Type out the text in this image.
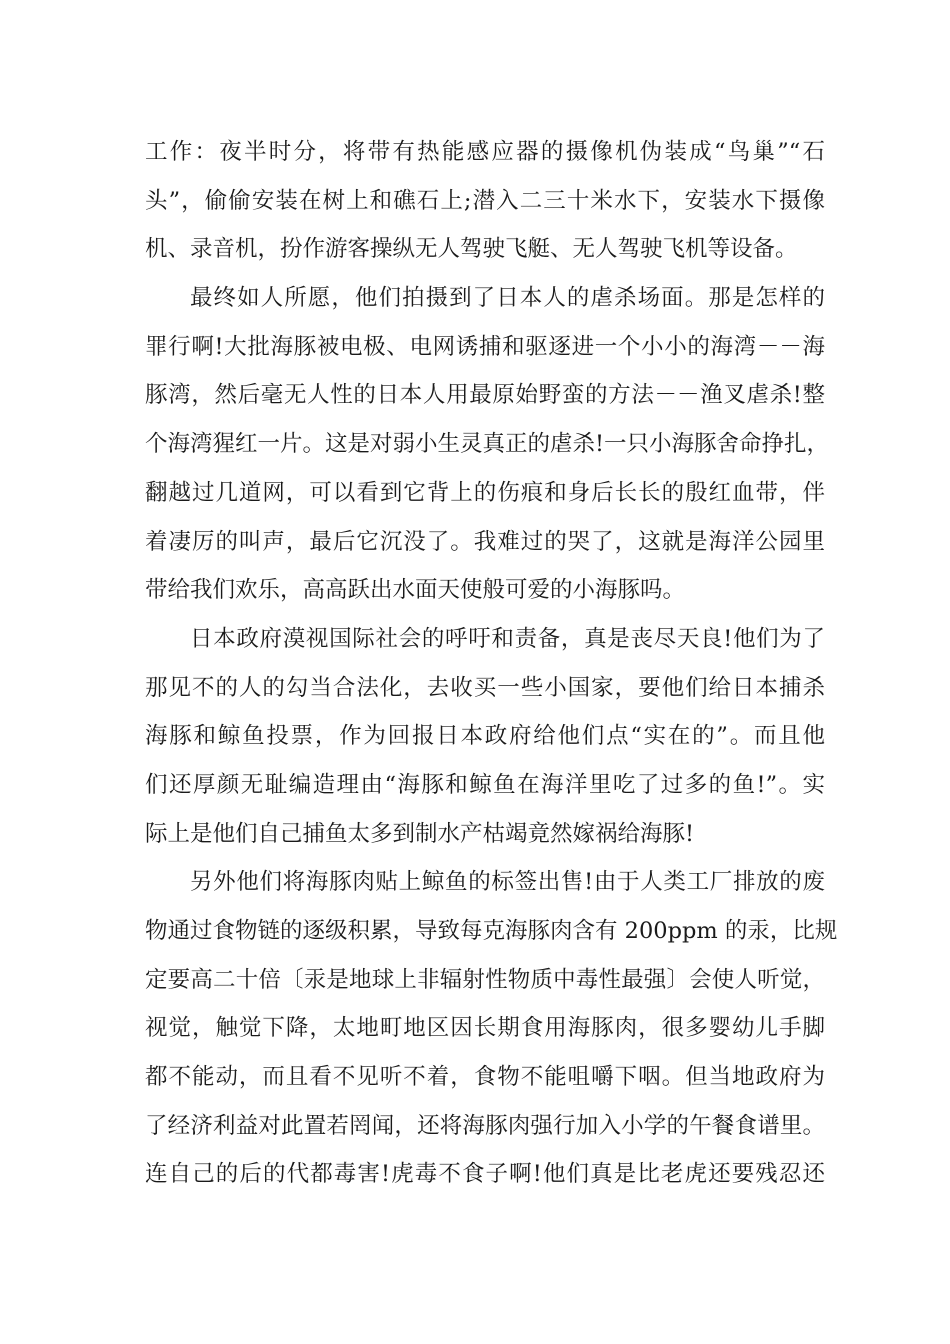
工作：夜半时分，将带有热能感应器的摄像机伪装成“鸟巢”“石
头”，偷偷安装在树上和礁石上;潜入二三十米水下，安装水下摄像
机、录音机，扮作游客操纵无人驾驶飞艇、无人驾驶飞机等设备。
最终如人所愿，他们拍摄到了日本人的虐杀场面。那是怎样的
罪行啊!大批海豚被电极、电网诱捕和驱逐进一个小小的海湾－－海
豚湾，然后毫无人性的日本人用最原始野蛮的方法－－渔叉虐杀!整
个海湾猩红一片。这是对弱小生灵真正的虐杀!一只小海豚舍命挣扎，
翻越过几道网，可以看到它背上的伤痕和身后长长的殷红血带，伴
着凄厉的叫声，最后它沉没了。我难过的哭了，这就是海洋公园里
带给我们欢乐，高高跃出水面天使般可爱的小海豚吗。
日本政府漠视国际社会的呼吁和责备，真是丧尽天良!他们为了
那见不的人的勾当合法化，去收买一些小国家，要他们给日本捕杀
海豚和鲸鱼投票，作为回报日本政府给他们点“实在的”。而且他
们还厚颜无耻编造理由“海豚和鲸鱼在海洋里吃了过多的鱼!”。实
际上是他们自己捕鱼太多到制水产枯竭竟然嫁祸给海豚!
另外他们将海豚肉贴上鲸鱼的标签出售!由于人类工厂排放的废
物通过食物链的逐级积累，导致每克海豚肉含有 200ppm 的汞，比规
定要高二十倍〔汞是地球上非辐射性物质中毒性最强〕会使人听觉，
视觉，触觉下降，太地町地区因长期食用海豚肉，很多婴幼儿手脚
都不能动，而且看不见听不着，食物不能咀嚼下咽。但当地政府为
了经济利益对此置若罔闻，还将海豚肉强行加入小学的午餐食谱里。
连自己的后的代都毒害!虎毒不食子啊!他们真是比老虎还要残忍还
